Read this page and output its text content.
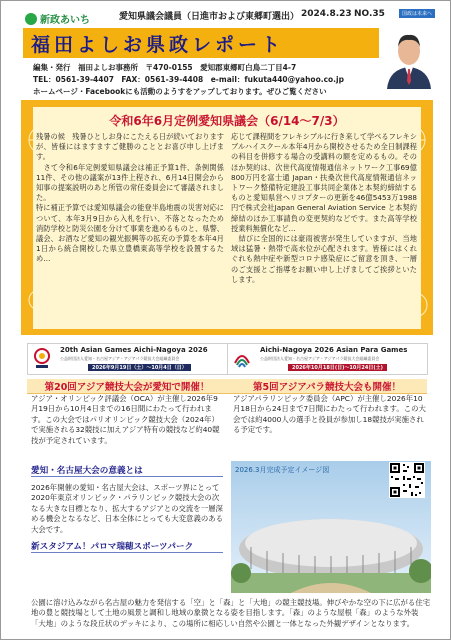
新政あいち	愛知県議会議員（日進市および東郷町選出） 2024.8.23 NO.35	国政は未来へ
福田よしお県政レポート
編集・発行　福田よしお事務所　〒470-0155　愛知郡東郷町白鳥二丁目4-7
TEL：0561-39-4407　FAX：0561-39-4408　e-mail：fukuta440@yahoo.co.jp
ホームページ・Facebookにも活動のようすをアップしております。ぜひご覧ください
令和6年6月定例愛知県議会（6/14～7/3）
残暑の候　残暑ひとしお身にこたえる日が続いておりますが、皆様にはますますご健勝のこととお喜び申し上げます。
　さて令和6年定例愛知県議会は補正予算1件、条例関係11件、その他の議案が13件上程され、6月14日開会から知事の提案説明のあと所管の常任委員会にて審議されました。
特に補正予算では愛知県議会の能登半島地震の災害対応について、本年3月9日から入札を行い、不落となったため消防学校と防災公園を分けて事業を進めるものと、県警、議会、お酒など愛知の観光振興等の拡充の予算を本年4月1日から統合開校した県立豊橋東高等学校を設置するため…
応じて課程間をフレキシブルに行き来して学べるフレキシブルハイスクール本年4月から開校させるため全日制課程の科目を併修する場合の受講料の額を定めるもの。そのほか契約は、次世代高度情報通信ネットワーク工事69億800万円を富士通 Japan・扶桑次世代高度情報通信ネットワーク整備特定建設工事共同企業体と本契約締結するものと愛知県営ヘリコプターの更新を46億5453万1988円で株式会社Japan General Aviation Service と本契約締結のほか工事請負の変更契約などです。また高等学校授業料無償化など…
　結びに全国的には豪雨被害が発生していますが、当地域は猛暑・熱帯で高水位が心配されます。皆様にはくれぐれも熱中症や新型コロナ感染症にご留意を頂き、一層のご支援とご指導をお願い申し上げましてご挨拶といたします。
20th Asian Games Aichi-Nagoya 2026
公益財団法人愛知・名古屋アジア・アジアパラ競技大会組織委員会
2026年9月19日（土）～10月4日（日）
Aichi-Nagoya 2026 Asian Para Games
公益財団法人愛知・名古屋アジア・アジアパラ競技大会組織委員会
2026年10月18日(日)～10月24日(土)
第20回アジア競技大会が愛知で開催！	第5回アジアパラ競技大会も開催！
アジア・オリンピック評議会（OCA）が主催し2026年9月19日から10月4日までの16日間にわたって行われます。この大会ではパリオリンピック競技大会（2024年）で実施される32競技に加えアジア特有の競技など約40競技が予定されています。
アジアパラリンピック委員会（APC）が主催し2026年10月18日から24日まで7日間にわたって行われます。この大会では約4000人の選手と役員が参加し18競技が実施される予定です。
愛知・名古屋大会の意義とは
2026年開催の愛知・名古屋大会は、スポーツ界にとって2020年東京オリンピック・パラリンピック競技大会の次なる大きな目標となり、拡大するアジアとの交流を一層深める機会となるなど、日本全体にとっても大変意義のある大会です。
新スタジアム！パロマ瑞穂スポーツパーク
2026.3月完成予定イメージ図
公園に溶け込みながら名古屋の魅力を発信する「空」と「森」と「大地」の競主競技場。伸びやかな空の下に広がる住宅地の豊と競技場として土地の風景と調和し地域の象徴となる姿を目指します。「森」のような屋根「森」のような外装「大地」のような段丘状のデッキにより、この場所に相応しい自然や公園と一体となった外観デザインとなります。
